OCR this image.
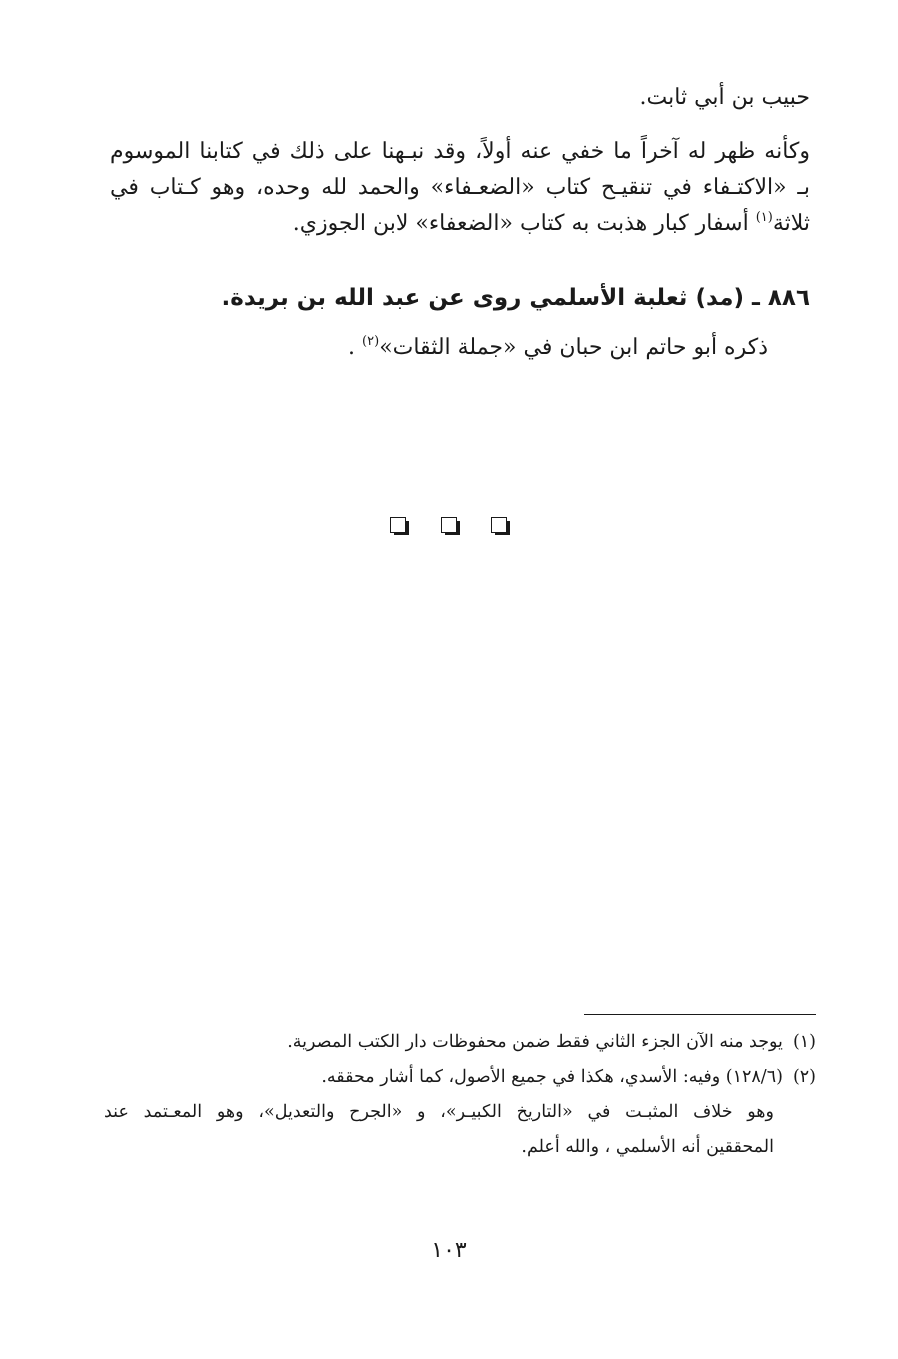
حبيب بن أبي ثابت.
وكأنه ظهر له آخراً ما خفي عنه أولاً، وقد نبـهنا على ذلك في كتابنا الموسوم
بـ «الاكتـفاء في تنقيـح كتاب «الضعـفاء» والحمد لله وحده، وهو كـتاب في
ثلاثة$^{(١)}$ أسفار كبار هذبت به كتاب «الضعفاء» لابن الجوزي.
٨٨٦ ـ (مد) ثعلبة الأسلمي روى عن عبد الله بن بريدة.
ذكره أبو حاتم ابن حبان في «جملة الثقات»$^{(٢)}$ .

(١)يوجد منه الآن الجزء الثاني فقط ضمن محفوظات دار الكتب المصرية.
(٢)(١٢٨/٦) وفيه: الأسدي، هكذا في جميع الأصول، كما أشار محققه.
وهو خلاف المثبـت في «التاريخ الكبيـر»، و «الجرح والتعديل»، وهو المعـتمد عند
المحققين أنه الأسلمي ، والله أعلم.
١٠٣
